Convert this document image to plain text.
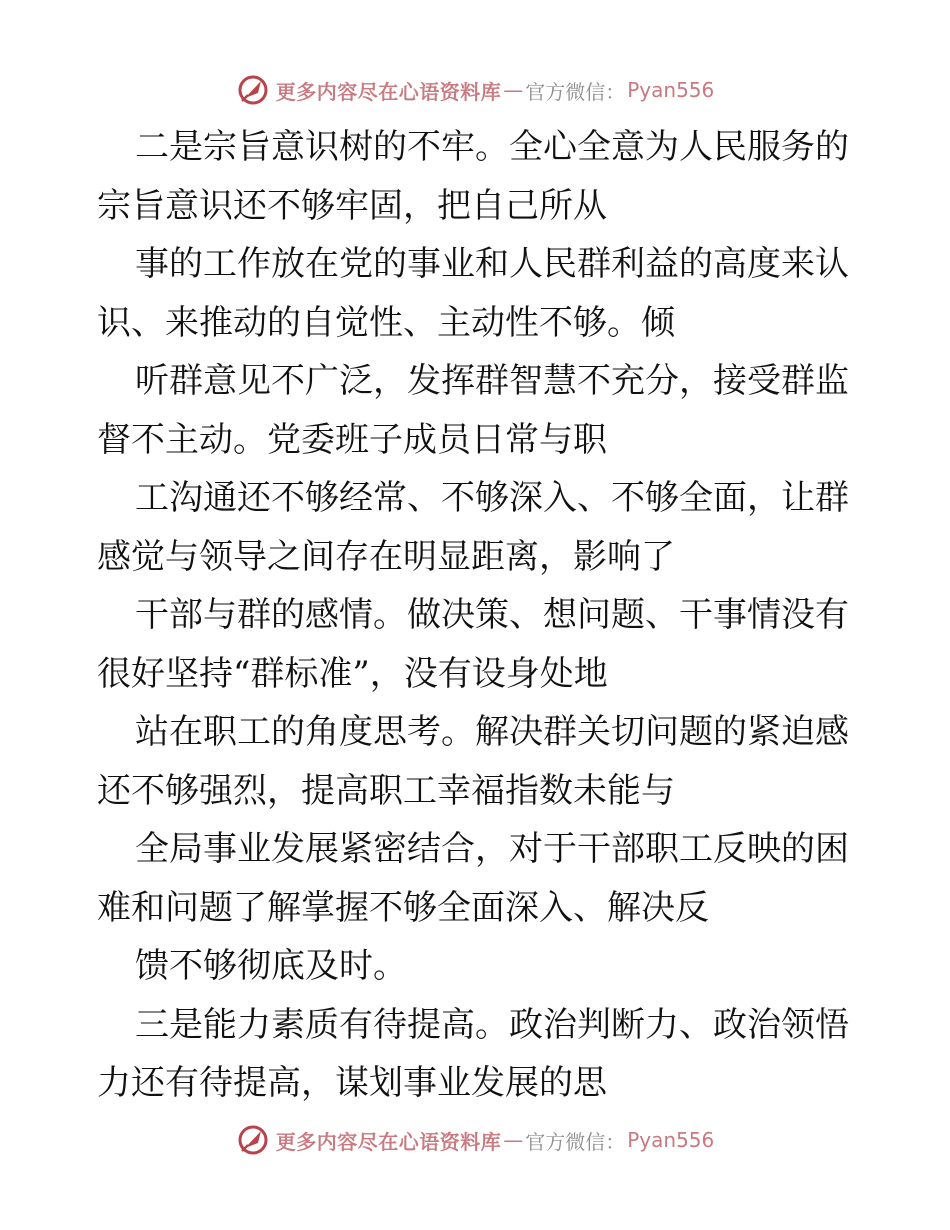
更多内容尽在心语资料库 — 官方微信： Pyan556

二是宗旨意识树的不牢。全心全意为人民服务的
宗旨意识还不够牢固，把自己所从
事的工作放在党的事业和人民群利益的高度来认
识、来推动的自觉性、主动性不够。倾
听群意见不广泛，发挥群智慧不充分，接受群监
督不主动。党委班子成员日常与职
工沟通还不够经常、不够深入、不够全面，让群
感觉与领导之间存在明显距离，影响了
干部与群的感情。做决策、想问题、干事情没有
很好坚持“群标准”，没有设身处地
站在职工的角度思考。解决群关切问题的紧迫感
还不够强烈，提高职工幸福指数未能与
全局事业发展紧密结合，对于干部职工反映的困
难和问题了解掌握不够全面深入、解决反
馈不够彻底及时。

三是能力素质有待提高。政治判断力、政治领悟
力还有待提高，谋划事业发展的思

更多内容尽在心语资料库 — 官方微信： Pyan556
